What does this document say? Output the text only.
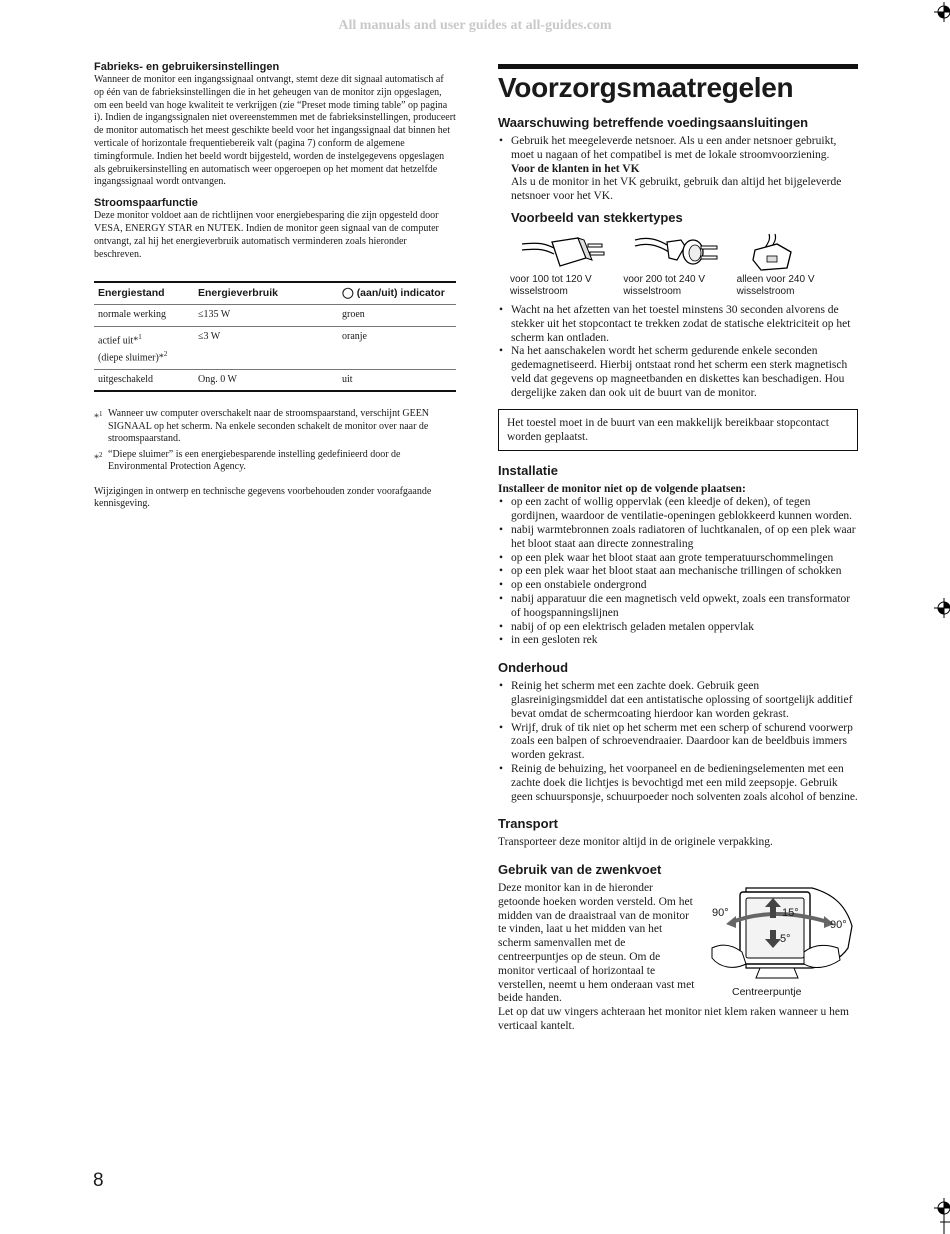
All manuals and user guides at all-guides.com

Fabrieks- en gebruikersinstellingen

Wanneer de monitor een ingangssignaal ontvangt, stemt deze dit signaal automatisch af op één van de fabrieksinstellingen die in het geheugen van de monitor zijn opgeslagen, om een beeld van hoge kwaliteit te verkrijgen (zie “Preset mode timing table” op pagina i). Indien de ingangssignalen niet overeenstemmen met de fabrieksinstellingen, produceert de monitor automatisch het meest geschikte beeld voor het ingangssignaal dat binnen het verticale of horizontale frequentiebereik valt (pagina 7) conform de algemene timingformule. Indien het beeld wordt bijgesteld, worden de instelgegevens opgeslagen als gebruikersinstelling en automatisch weer opgeroepen op het moment dat hetzelfde ingangssignaal wordt ontvangen.

Stroomspaarfunctie

Deze monitor voldoet aan de richtlijnen voor energiebesparing die zijn opgesteld door VESA, ENERGY STAR en NUTEK. Indien de monitor geen signaal van de computer ontvangt, zal hij het energieverbruik automatisch verminderen zoals hieronder beschreven.

Energiestand	Energieverbruik	◯ (aan/uit) indicator
normale werking	≤135 W	groen
actief uit*$^1$
(diepe sluimer)*$^2$	≤3 W	oranje
uitgeschakeld	Ong. 0 W	uit
*$^1$ Wanneer uw computer overschakelt naar de stroomspaarstand, verschijnt GEEN SIGNAAL op het scherm. Na enkele seconden schakelt de monitor over naar de stroomspaarstand.
*$^2$ “Diepe sluimer” is een energiebesparende instelling gedefinieerd door de Environmental Protection Agency.

Wijzigingen in ontwerp en technische gegevens voorbehouden zonder voorafgaande kennisgeving.

Voorzorgsmaatregelen

Waarschuwing betreffende voedingsaansluitingen

• Gebruik het meegeleverde netsnoer. Als u een ander netsnoer gebruikt, moet u nagaan of het compatibel is met de lokale stroomvoorziening.
Voor de klanten in het VK
Als u de monitor in het VK gebruikt, gebruik dan altijd het bijgeleverde netsnoer voor het VK.

Voorbeeld van stekkertypes

voor 100 tot 120 V
wisselstroom
voor 200 tot 240 V
wisselstroom
alleen voor 240 V
wisselstroom
• Wacht na het afzetten van het toestel minstens 30 seconden alvorens de stekker uit het stopcontact te trekken zodat de statische elektriciteit op het scherm kan ontladen.
• Na het aanschakelen wordt het scherm gedurende enkele seconden gedemagnetiseerd. Hierbij ontstaat rond het scherm een sterk magnetisch veld dat gegevens op magneetbanden en diskettes kan beschadigen. Hou dergelijke zaken dan ook uit de buurt van de monitor.
Het toestel moet in de buurt van een makkelijk bereikbaar stopcontact worden geplaatst.

Installatie

Installeer de monitor niet op de volgende plaatsen:

• op een zacht of wollig oppervlak (een kleedje of deken), of tegen gordijnen, waardoor de ventilatie-openingen geblokkeerd kunnen worden.
• nabij warmtebronnen zoals radiatoren of luchtkanalen, of op een plek waar het bloot staat aan directe zonnestraling
• op een plek waar het bloot staat aan grote temperatuurschommelingen
• op een plek waar het bloot staat aan mechanische trillingen of schokken
• op een onstabiele ondergrond
• nabij apparatuur die een magnetisch veld opwekt, zoals een transformator of hoogspanningslijnen
• nabij of op een elektrisch geladen metalen oppervlak
• in een gesloten rek

Onderhoud

• Reinig het scherm met een zachte doek. Gebruik geen glasreinigingsmiddel dat een antistatische oplossing of soortgelijk additief bevat omdat de schermcoating hierdoor kan worden gekrast.
• Wrijf, druk of tik niet op het scherm met een scherp of schurend voorwerp zoals een balpen of schroevendraaier. Daardoor kan de beeldbuis immers worden gekrast.
• Reinig de behuizing, het voorpaneel en de bedieningselementen met een zachte doek die lichtjes is bevochtigd met een mild zeepsopje. Gebruik geen schuursponsje, schuurpoeder noch solventen zoals alcohol of benzine.

Transport

Transporteer deze monitor altijd in de originele verpakking.

Gebruik van de zwenkvoet

Deze monitor kan in de hieronder getoonde hoeken worden versteld. Om het midden van de draaistraal van de monitor te vinden, laat u het midden van het scherm samenvallen met de centreerpuntjes op de steun. Om de monitor verticaal of horizontaal te verstellen, neemt u hem onderaan vast met beide handen.

Let op dat uw vingers achteraan het monitor niet klem raken wanneer u hem verticaal kantelt.

90°
90°
15°
5°
Centreerpuntje
8
